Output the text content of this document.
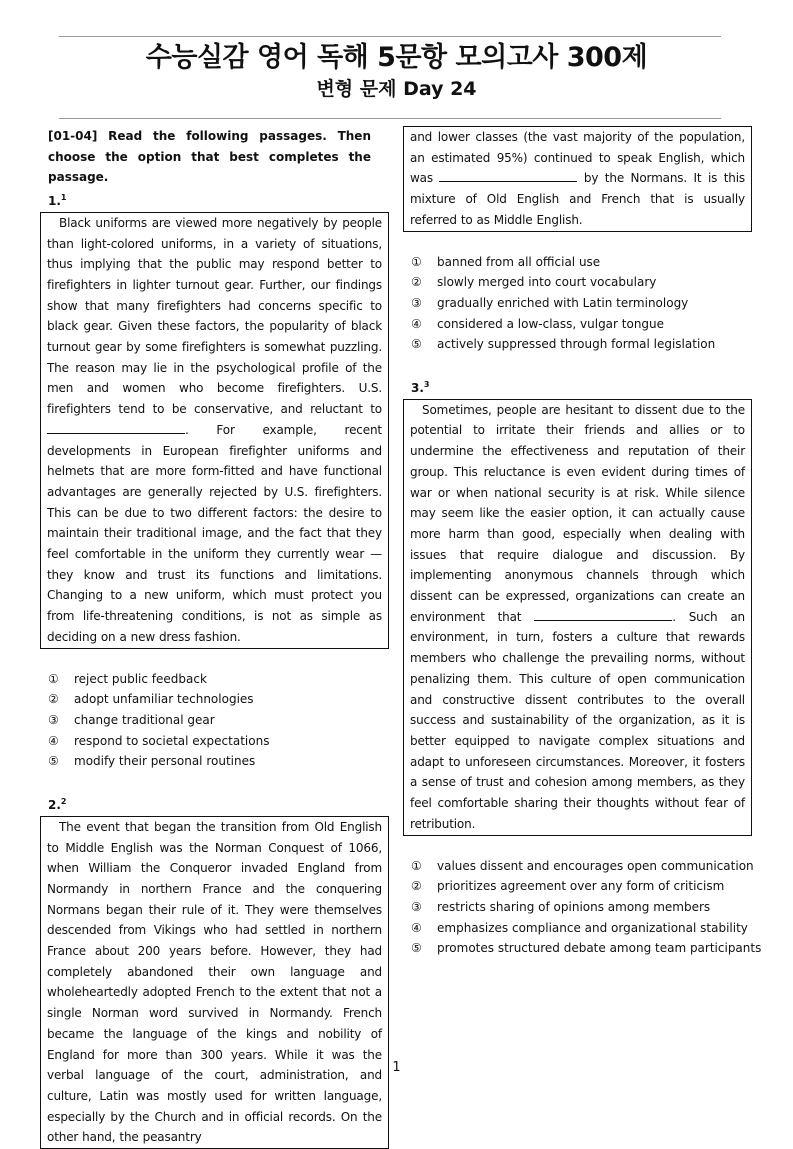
수능실감 영어 독해 5문항 모의고사 300제
변형 문제 Day 24
[01-04] Read the following passages. Then choose the option that best completes the passage.
1.$^1$

Black uniforms are viewed more negatively by people than light-colored uniforms, in a variety of situations, thus implying that the public may respond better to firefighters in lighter turnout gear. Further, our findings show that many firefighters had concerns specific to black gear. Given these factors, the popularity of black turnout gear by some firefighters is somewhat puzzling. The reason may lie in the psychological profile of the men and women who become firefighters. U.S. firefighters tend to be conservative, and reluctant to . For example, recent developments in European firefighter uniforms and helmets that are more form-fitted and have functional advantages are generally rejected by U.S. firefighters. This can be due to two different factors: the desire to maintain their traditional image, and the fact that they feel comfortable in the uniform they currently wear — they know and trust its functions and limitations. Changing to a new uniform, which must protect you from life-threatening conditions, is not as simple as deciding on a new dress fashion.

① reject public feedback
② adopt unfamiliar technologies
③ change traditional gear
④ respond to societal expectations
⑤ modify their personal routines
2.$^2$

The event that began the transition from Old English to Middle English was the Norman Conquest of 1066, when William the Conqueror invaded England from Normandy in northern France and the conquering Normans began their rule of it. They were themselves descended from Vikings who had settled in northern France about 200 years before. However, they had completely abandoned their own language and wholeheartedly adopted French to the extent that not a single Norman word survived in Normandy. French became the language of the kings and nobility of England for more than 300 years. While it was the verbal language of the court, administration, and culture, Latin was mostly used for written language, especially by the Church and in official records. On the other hand, the peasantry

and lower classes (the vast majority of the population, an estimated 95%) continued to speak English, which was	by the Normans. It is this mixture of Old English and French that is usually referred to as Middle English.

① banned from all official use
② slowly merged into court vocabulary
③ gradually enriched with Latin terminology
④ considered a low-class, vulgar tongue
⑤ actively suppressed through formal legislation
3.$^3$

Sometimes, people are hesitant to dissent due to the potential to irritate their friends and allies or to undermine the effectiveness and reputation of their group. This reluctance is even evident during times of war or when national security is at risk. While silence may seem like the easier option, it can actually cause more harm than good, especially when dealing with issues that require dialogue and discussion. By implementing anonymous channels through which dissent can be expressed, organizations can create an environment that	. Such an environment, in turn, fosters a culture that rewards members who challenge the prevailing norms, without penalizing them. This culture of open communication and constructive dissent contributes to the overall success and sustainability of the organization, as it is better equipped to navigate complex situations and adapt to unforeseen circumstances. Moreover, it fosters a sense of trust and cohesion among members, as they feel comfortable sharing their thoughts without fear of retribution.

① values dissent and encourages open communication
② prioritizes agreement over any form of criticism
③ restricts sharing of opinions among members
④ emphasizes compliance and organizational stability
⑤ promotes structured debate among team participants
1
